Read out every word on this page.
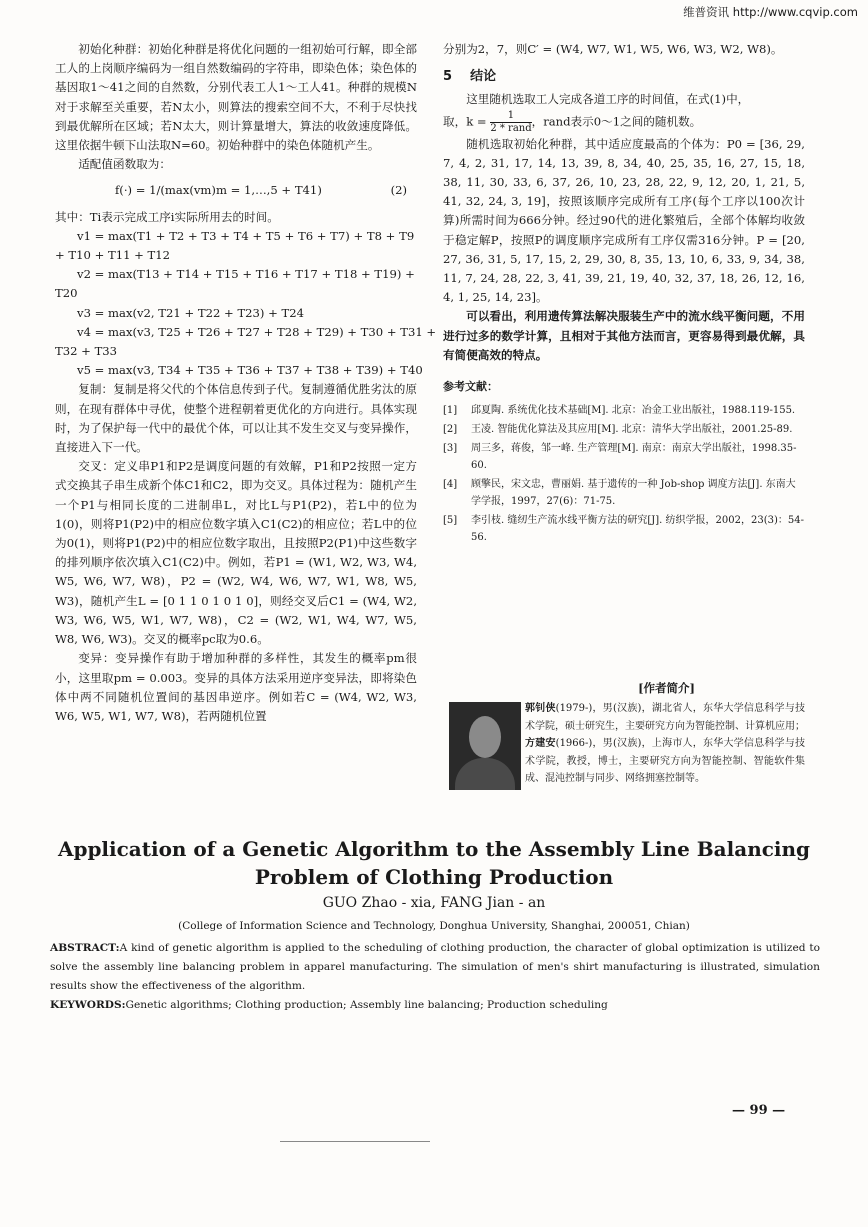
维普资讯 http://www.cqvip.com

初始化种群：初始化种群是将优化问题的一组初始可行解，即全部工人的上岗顺序编码为一组自然数编码的字符串，即染色体；染色体的基因取1～41之间的自然数，分别代表工人1～工人41。种群的规模N对于求解至关重要，若N太小，则算法的搜索空间不大，不利于尽快找到最优解所在区域；若N太大，则计算量增大，算法的收敛速度降低。这里依据牛顿下山法取N=60。初始种群中的染色体随机产生。

适配值函数取为：

f(·) = 1/(max(vm)m = 1,…,5 + T41)	(2)

其中：Ti表示完成工序i实际所用去的时间。

v1 = max(T1 + T2 + T3 + T4 + T5 + T6 + T7) + T8 + T9

+ T10 + T11 + T12

v2 = max(T13 + T14 + T15 + T16 + T17 + T18 + T19) +

T20

v3 = max(v2, T21 + T22 + T23) + T24

v4 = max(v3, T25 + T26 + T27 + T28 + T29) + T30 + T31 +

T32 + T33

v5 = max(v3, T34 + T35 + T36 + T37 + T38 + T39) + T40

复制：复制是将父代的个体信息传到子代。复制遵循优胜劣汰的原则，在现有群体中寻优，使整个进程朝着更优化的方向进行。具体实现时，为了保护每一代中的最优个体，可以让其不发生交叉与变异操作，直接进入下一代。

交叉：定义串P1和P2是调度问题的有效解，P1和P2按照一定方式交换其子串生成新个体C1和C2，即为交叉。具体过程为：随机产生一个P1与相同长度的二进制串L，对比L与P1(P2)，若L中的位为1(0)，则将P1(P2)中的相应位数字填入C1(C2)的相应位；若L中的位为0(1)，则将P1(P2)中的相应位数字取出，且按照P2(P1)中这些数字的排列顺序依次填入C1(C2)中。例如，若P1 = (W1, W2, W3, W4, W5, W6, W7, W8)，P2 = (W2, W4, W6, W7, W1, W8, W5, W3)，随机产生L = [0 1 1 0 1 0 1 0]，则经交叉后C1 = (W4, W2, W3, W6, W5, W1, W7, W8)，C2 = (W2, W1, W4, W7, W5, W8, W6, W3)。交叉的概率pc取为0.6。

变异：变异操作有助于增加种群的多样性，其发生的概率pm很小，这里取pm = 0.003。变异的具体方法采用逆序变异法，即将染色体中两不同随机位置间的基因串逆序。例如若C = (W4, W2, W3, W6, W5, W1, W7, W8)，若两随机位置

分别为2，7，则C′ = (W4, W7, W1, W5, W6, W3, W2, W8)。

5 结论

这里随机选取工人完成各道工序的时间值，在式(1)中，

取，$k = \frac{1}{\text{2 * rand}}$ ，rand表示0～1之间的随机数。

随机选取初始化种群，其中适应度最高的个体为：P0 = [36, 29, 7, 4, 2, 31, 17, 14, 13, 39, 8, 34, 40, 25, 35, 16, 27, 15, 18, 38, 11, 30, 33, 6, 37, 26, 10, 23, 28, 22, 9, 12, 20, 1, 21, 5, 41, 32, 24, 3, 19]，按照该顺序完成所有工序(每个工序以100次计算)所需时间为666分钟。经过90代的进化繁殖后，全部个体解均收敛于稳定解P，按照P的调度顺序完成所有工序仅需316分钟。P = [20, 27, 36, 31, 5, 17, 15, 2, 29, 30, 8, 35, 13, 10, 6, 33, 9, 34, 38, 11, 7, 24, 28, 22, 3, 41, 39, 21, 19, 40, 32, 37, 18, 26, 12, 16, 4, 1, 25, 14, 23]。

可以看出，利用遗传算法解决服装生产中的流水线平衡问题，不用进行过多的数学计算，且相对于其他方法而言，更容易得到最优解，具有简便高效的特点。

参考文献：
[1]	邱夏陶. 系统优化技术基础[M]. 北京：冶金工业出版社，1988.119-155.
[2]	王凌. 智能优化算法及其应用[M]. 北京：清华大学出版社，2001.25-89.
[3]	周三多，蒋俊，邹一峰. 生产管理[M]. 南京：南京大学出版社，1998.35-60.
[4]	顾擎民，宋文忠，曹丽娟. 基于遗传的一种 Job-shop 调度方法[J]. 东南大学学报，1997，27(6)：71-75.
[5]	李引枝. 缝纫生产流水线平衡方法的研究[J]. 纺织学报，2002，23(3)：54-56.
[作者简介]
郭钊侠(1979-)，男(汉族)，湖北省人，东华大学信息科学与技术学院，硕士研究生，主要研究方向为智能控制、计算机应用；
方建安(1966-)，男(汉族)，上海市人，东华大学信息科学与技术学院，教授，博士，主要研究方向为智能控制、智能软件集成、混沌控制与同步、网络拥塞控制等。
Application of a Genetic Algorithm to the Assembly Line Balancing
Problem of Clothing Production
GUO Zhao - xia, FANG Jian - an
(College of Information Science and Technology, Donghua University, Shanghai, 200051, Chian)
ABSTRACT:A kind of genetic algorithm is applied to the scheduling of clothing production, the character of global optimization is utilized to solve the assembly line balancing problem in apparel manufacturing. The simulation of men's shirt manufacturing is illustrated, simulation results show the effectiveness of the algorithm.
KEYWORDS:Genetic algorithms; Clothing production; Assembly line balancing; Production scheduling
— 99 —
